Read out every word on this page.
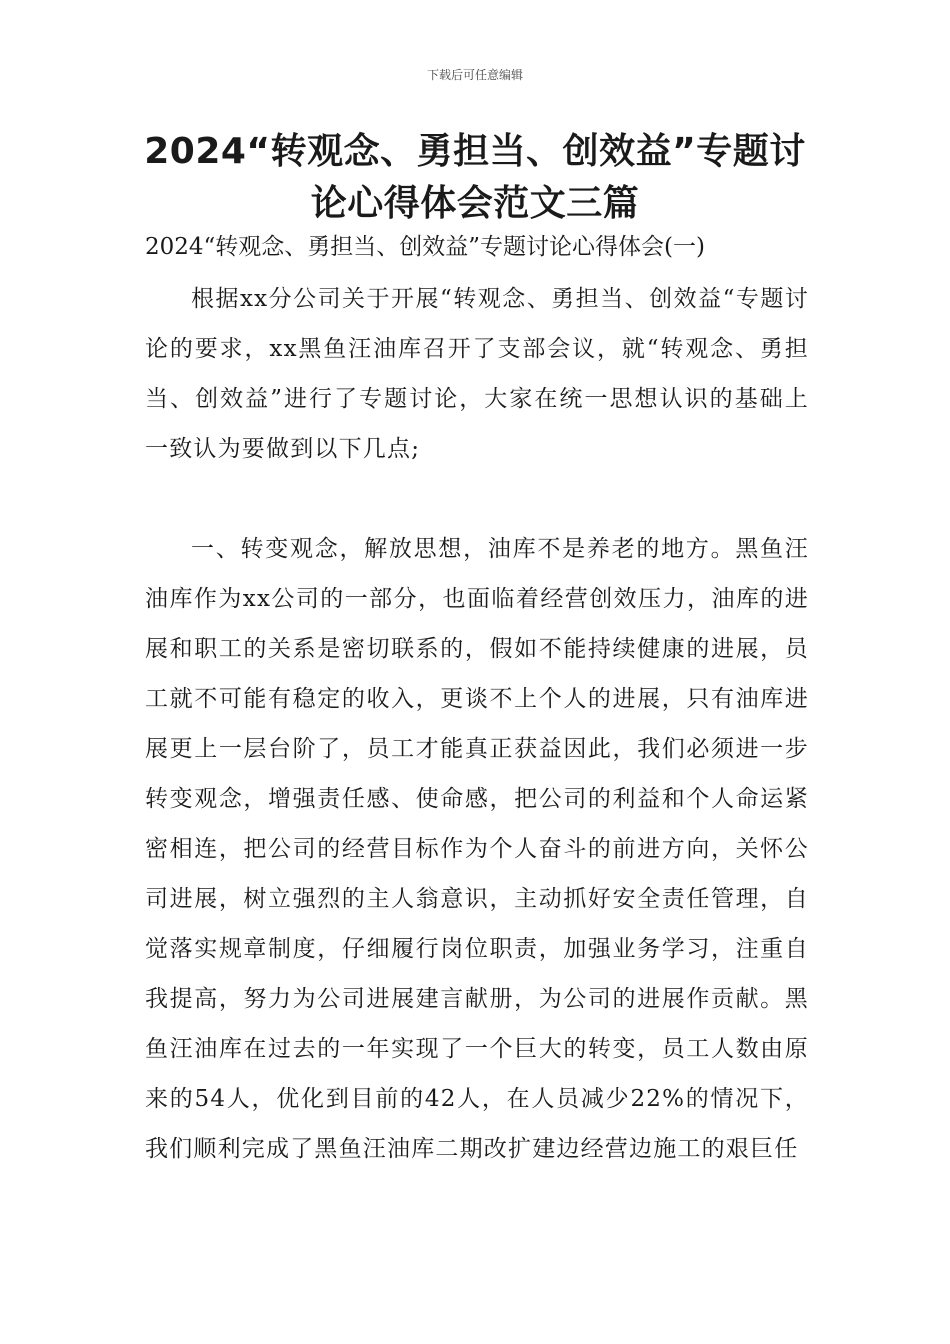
下载后可任意编辑
2024“转观念、勇担当、创效益”专题讨论心得体会范文三篇

2024“转观念、勇担当、创效益”专题讨论心得体会(一)

根据xx分公司关于开展“转观念、勇担当、创效益“专题讨论的要求，xx黑鱼汪油库召开了支部会议，就“转观念、勇担当、创效益”进行了专题讨论，大家在统一思想认识的基础上一致认为要做到以下几点;

一、转变观念，解放思想，油库不是养老的地方。黑鱼汪油库作为xx公司的一部分，也面临着经营创效压力，油库的进展和职工的关系是密切联系的，假如不能持续健康的进展，员工就不可能有稳定的收入，更谈不上个人的进展，只有油库进展更上一层台阶了，员工才能真正获益因此，我们必须进一步转变观念，增强责任感、使命感，把公司的利益和个人命运紧密相连，把公司的经营目标作为个人奋斗的前进方向，关怀公司进展，树立强烈的主人翁意识，主动抓好安全责任管理，自觉落实规章制度，仔细履行岗位职责，加强业务学习，注重自我提高，努力为公司进展建言献册，为公司的进展作贡献。黑鱼汪油库在过去的一年实现了一个巨大的转变，员工人数由原来的54人，优化到目前的42人，在人员减少22%的情况下，我们顺利完成了黑鱼汪油库二期改扩建边经营边施工的艰巨任
